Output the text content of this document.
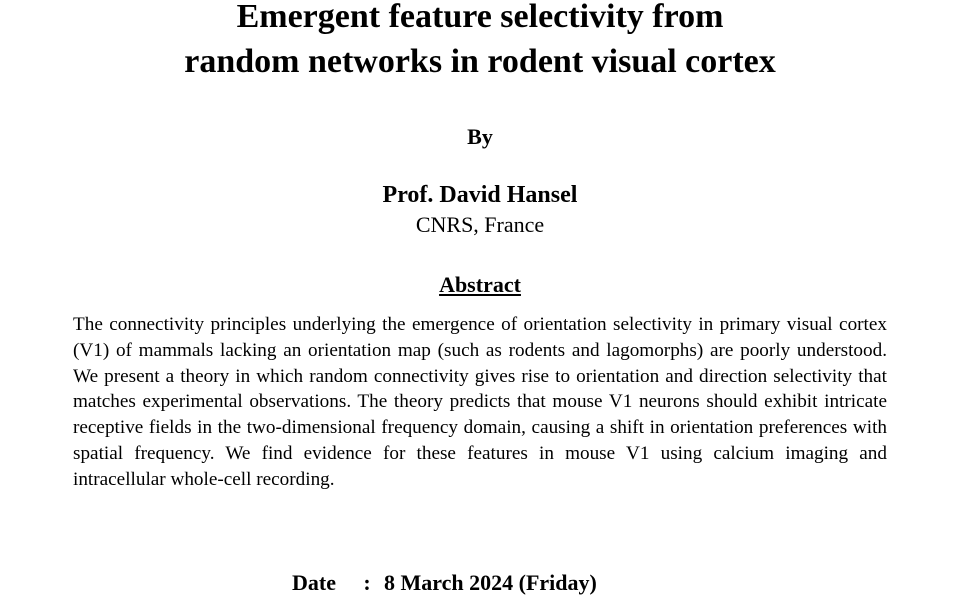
Emergent feature selectivity from
random networks in rodent visual cortex
By
Prof. David Hansel
CNRS, France
Abstract

The connectivity principles underlying the emergence of orientation selectivity in primary visual cortex (V1) of mammals lacking an orientation map (such as rodents and lagomorphs) are poorly understood. We present a theory in which random connectivity gives rise to orientation and direction selectivity that matches experimental observations. The theory predicts that mouse V1 neurons should exhibit intricate receptive fields in the two-dimensional frequency domain, causing a shift in orientation preferences with spatial frequency. We find evidence for these features in mouse V1 using calcium imaging and intracellular whole-cell recording.

Date : 8 March 2024 (Friday)
